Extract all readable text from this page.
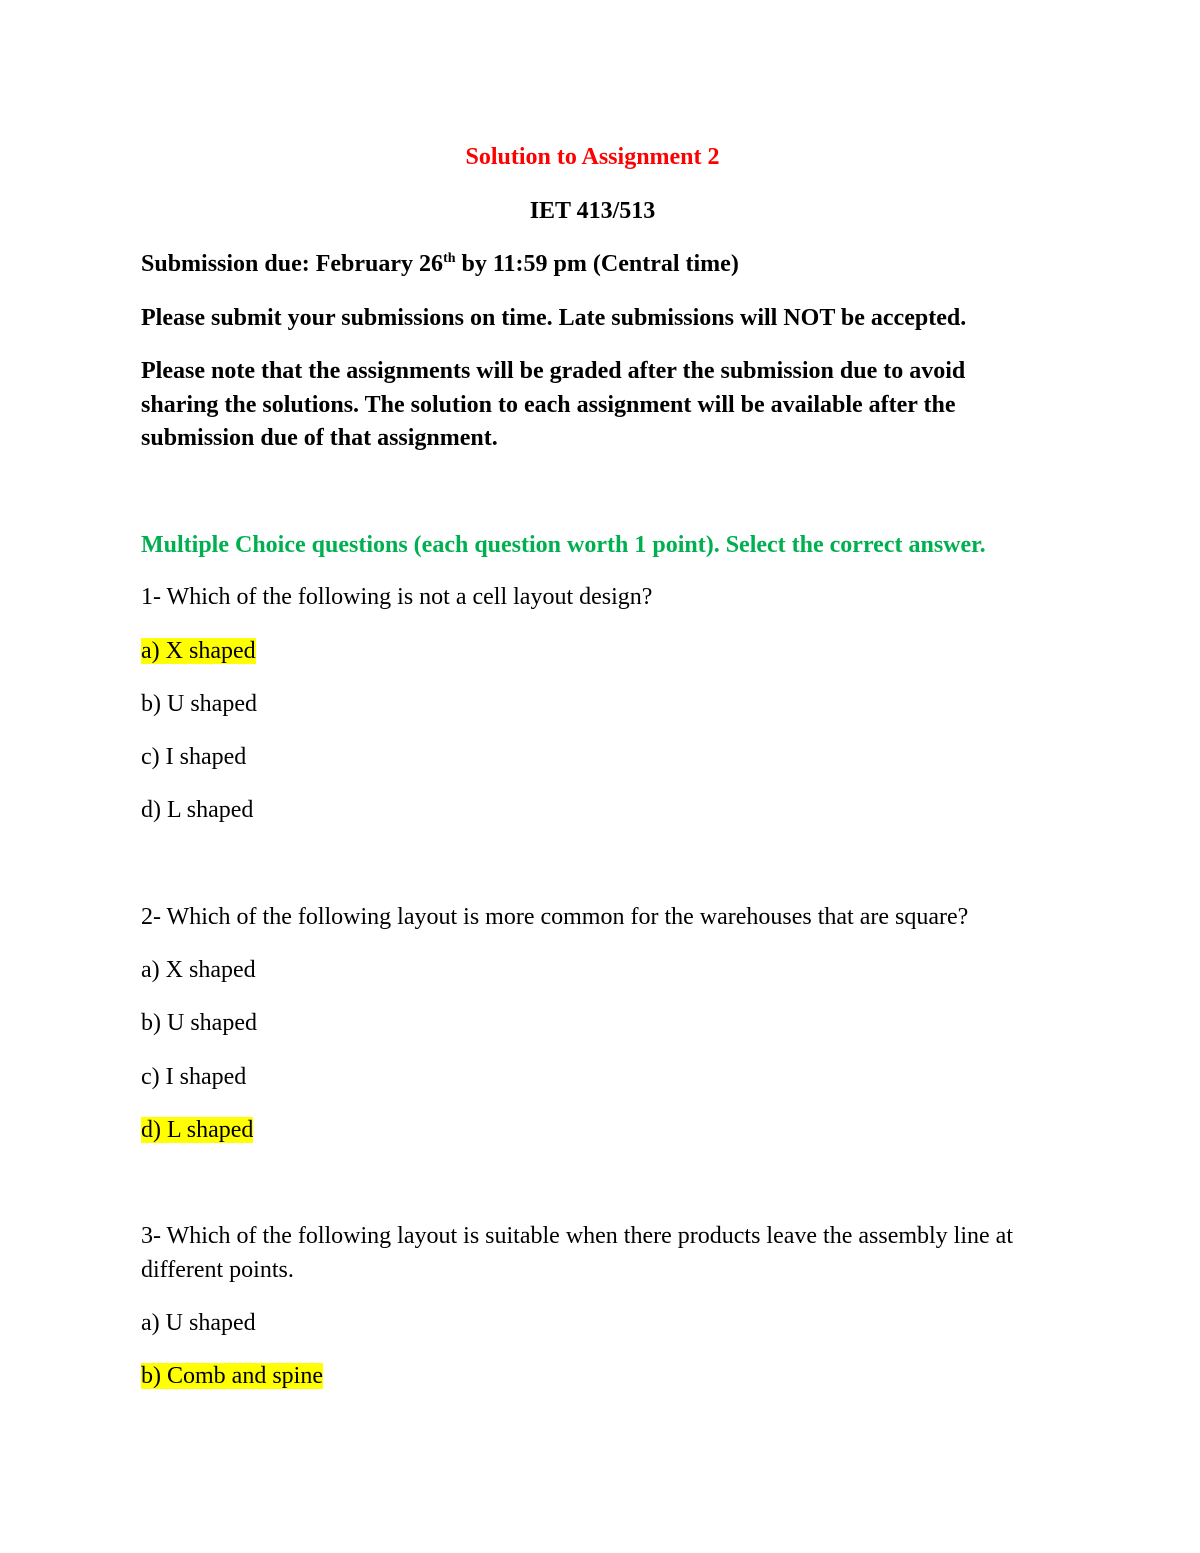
Solution to Assignment 2
IET 413/513
Submission due: February 26th by 11:59 pm (Central time)
Please submit your submissions on time. Late submissions will NOT be accepted.
Please note that the assignments will be graded after the submission due to avoid sharing the solutions. The solution to each assignment will be available after the submission due of that assignment.
Multiple Choice questions (each question worth 1 point). Select the correct answer.
1- Which of the following is not a cell layout design?
a) X shaped
b) U shaped
c) I shaped
d) L shaped
2- Which of the following layout is more common for the warehouses that are square?
a) X shaped
b) U shaped
c) I shaped
d) L shaped
3- Which of the following layout is suitable when there products leave the assembly line at different points.
a) U shaped
b) Comb and spine
